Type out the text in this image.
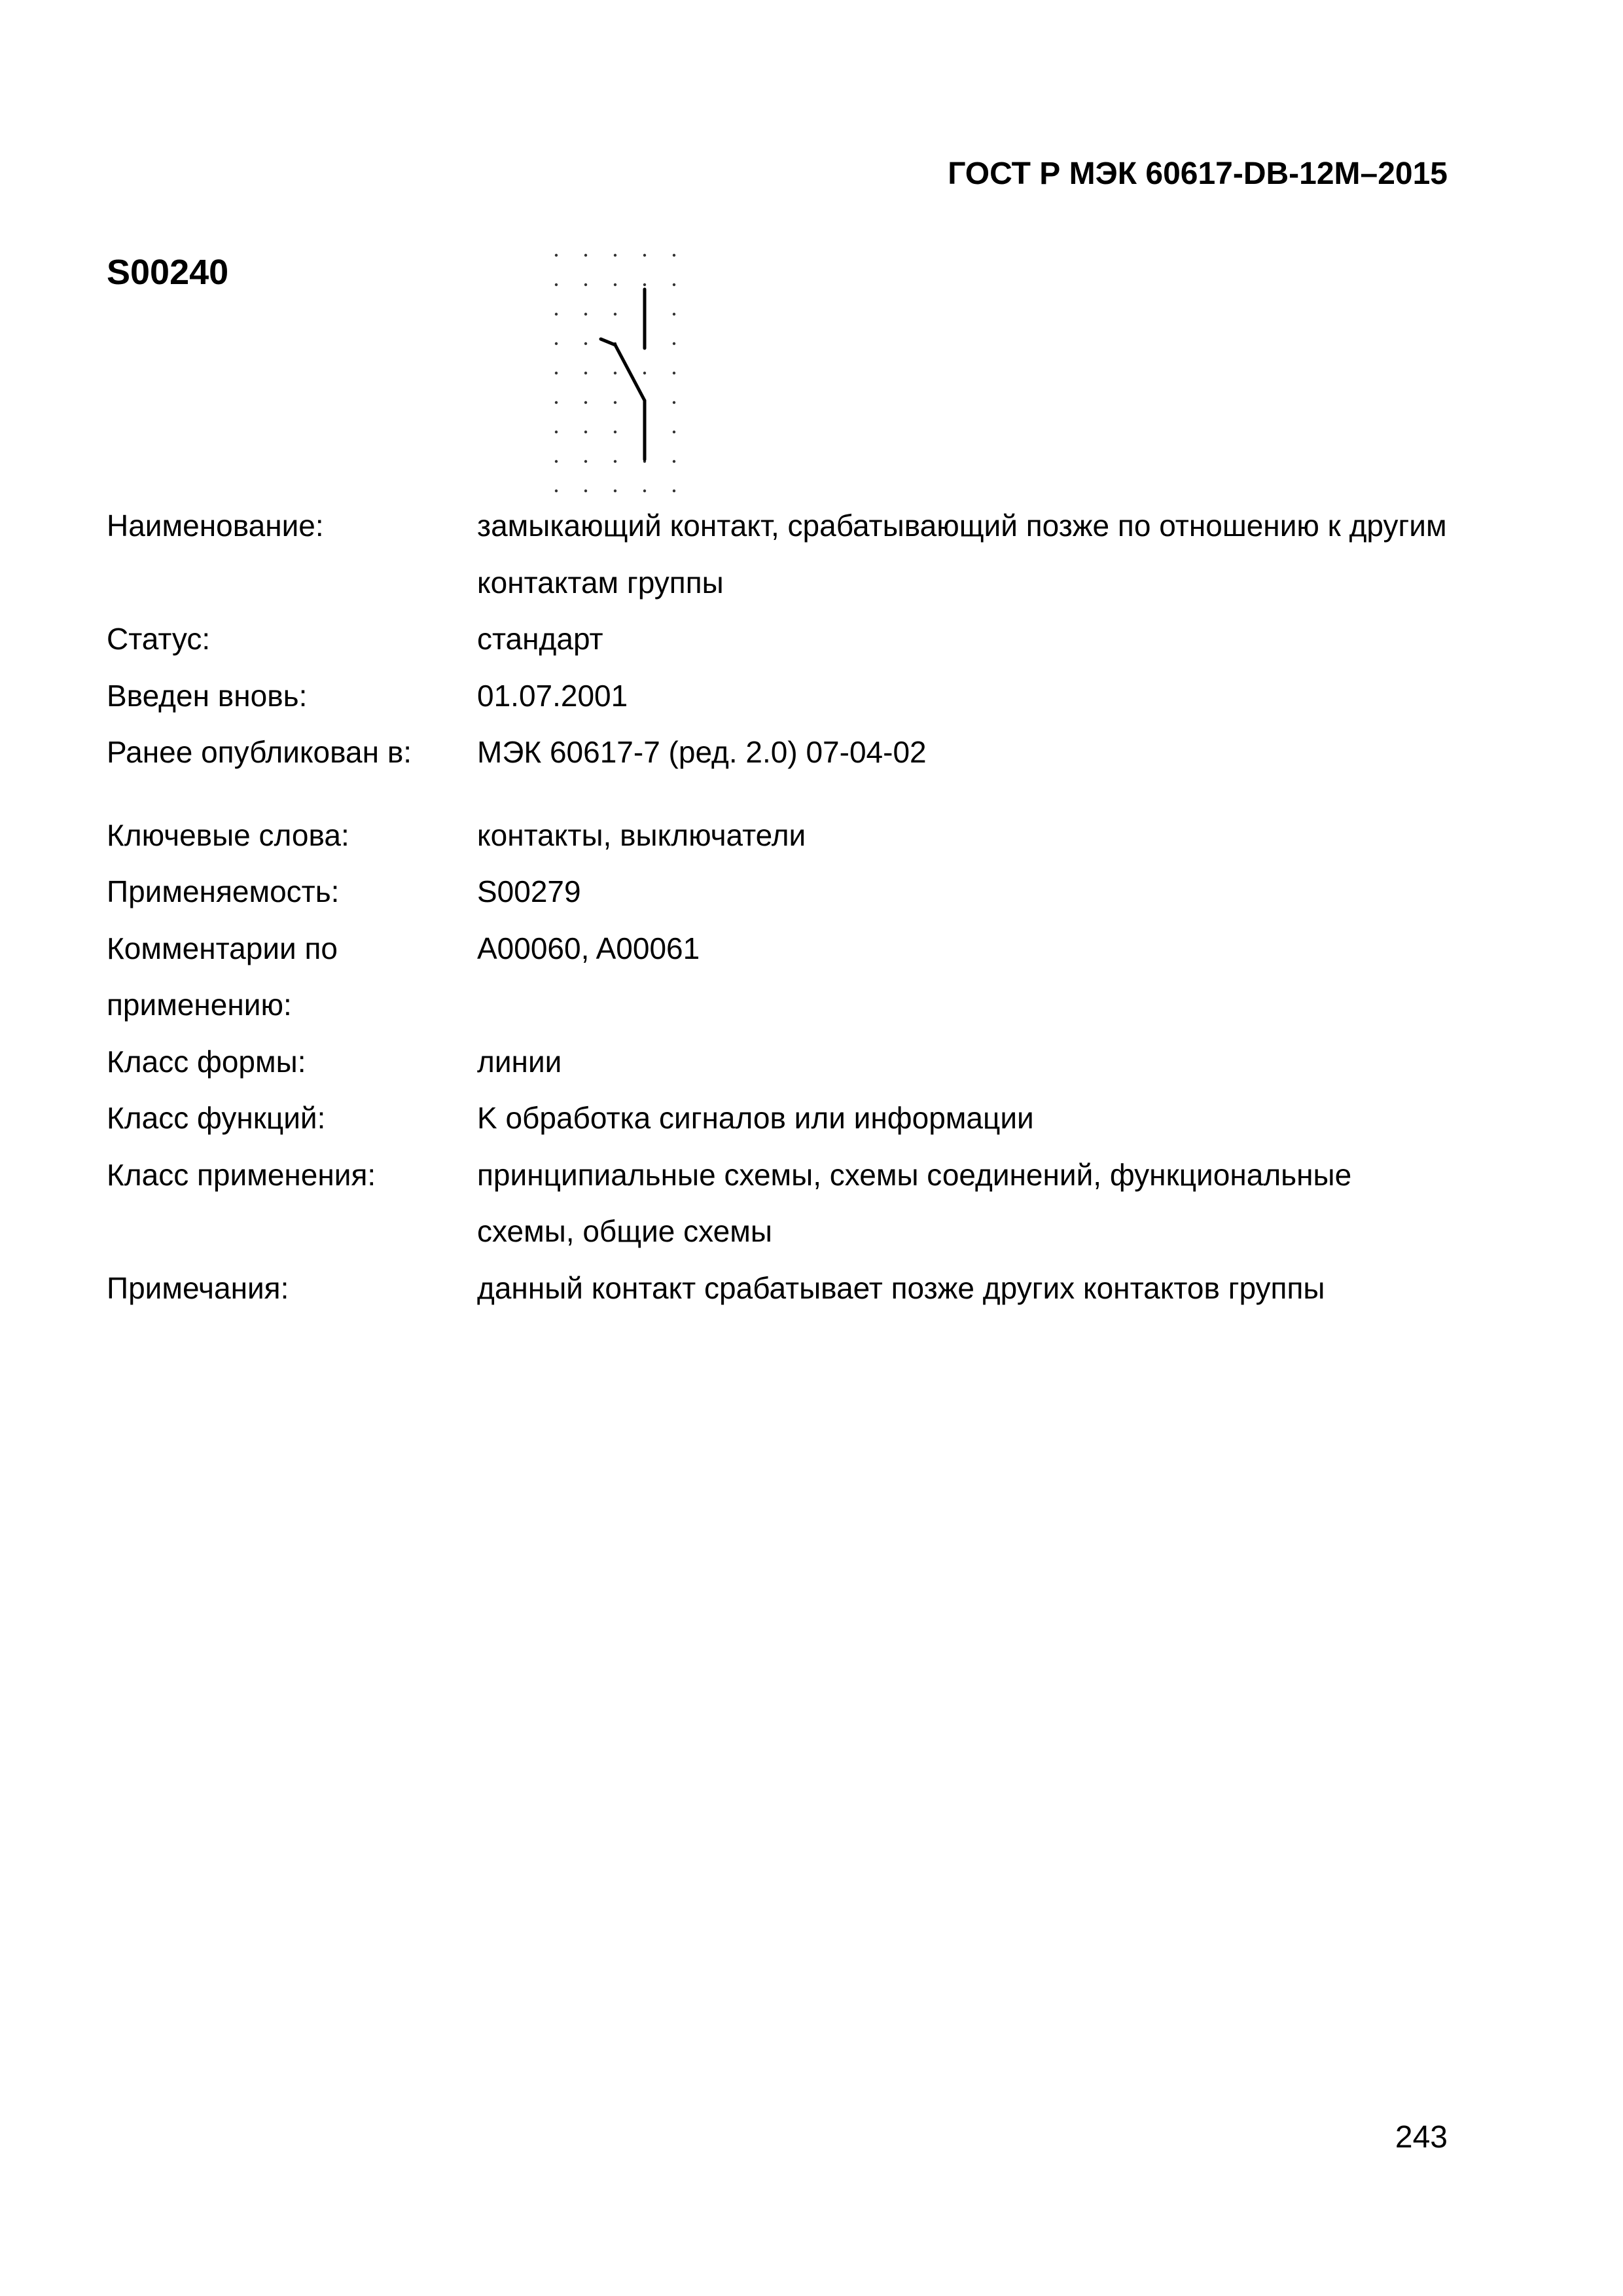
ГОСТ Р МЭК 60617-DB-12M–2015
S00240
Наименование:	замыкающий контакт, срабатывающий позже по отношению к другим контактам группы
Статус:	стандарт
Введен вновь:	01.07.2001
Ранее опубликован в:	МЭК 60617-7 (ред. 2.0) 07-04-02
Ключевые слова:	контакты, выключатели
Применяемость:	S00279
Комментарии по применению:
A00060, A00061
Класс формы:	линии
Класс функций:	K обработка сигналов или информации
Класс применения:	принципиальные схемы, схемы соединений, функциональные схемы, общие схемы
Примечания:	данный контакт срабатывает позже других контактов группы
243
